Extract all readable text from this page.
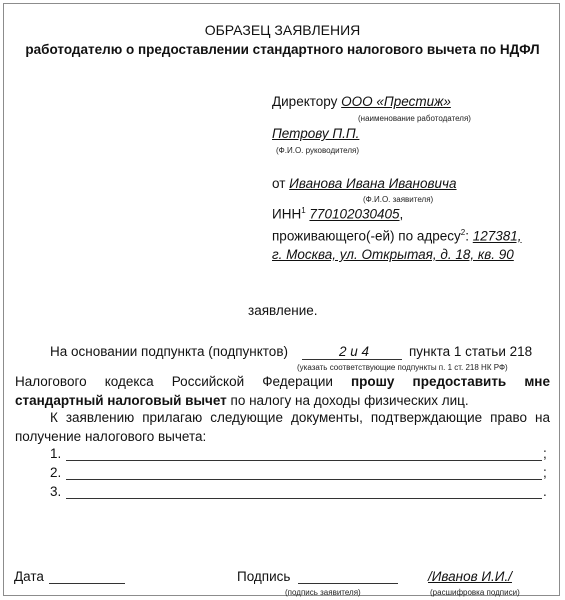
ОБРАЗЕЦ ЗАЯВЛЕНИЯ
работодателю о предоставлении стандартного налогового вычета по НДФЛ
Директору ООО «Престиж»
(наименование работодателя)
Петрову П.П.
(Ф.И.О. руководителя)
от Иванова Ивана Ивановича
(Ф.И.О. заявителя)
ИНН$^1$ 770102030405,
проживающего(-ей) по адресу$^2$: 127381,
г. Москва, ул. Открытая, д. 18, кв. 90
заявление.
На основании подпункта (подпунктов)	2 и 4	пункта 1 статьи 218
(указать соответствующие подпункты п. 1 ст. 218 НК РФ)
Налогового кодекса Российской Федерации прошу предоставить мне стандартный налоговый вычет по налогу на доходы физических лиц.
К заявлению прилагаю следующие документы, подтверждающие право на получение налогового вычета:
1.	;
2.	;
3.	.
Дата	Подпись
(подпись заявителя)
/Иванов И.И./
(расшифровка подписи)
